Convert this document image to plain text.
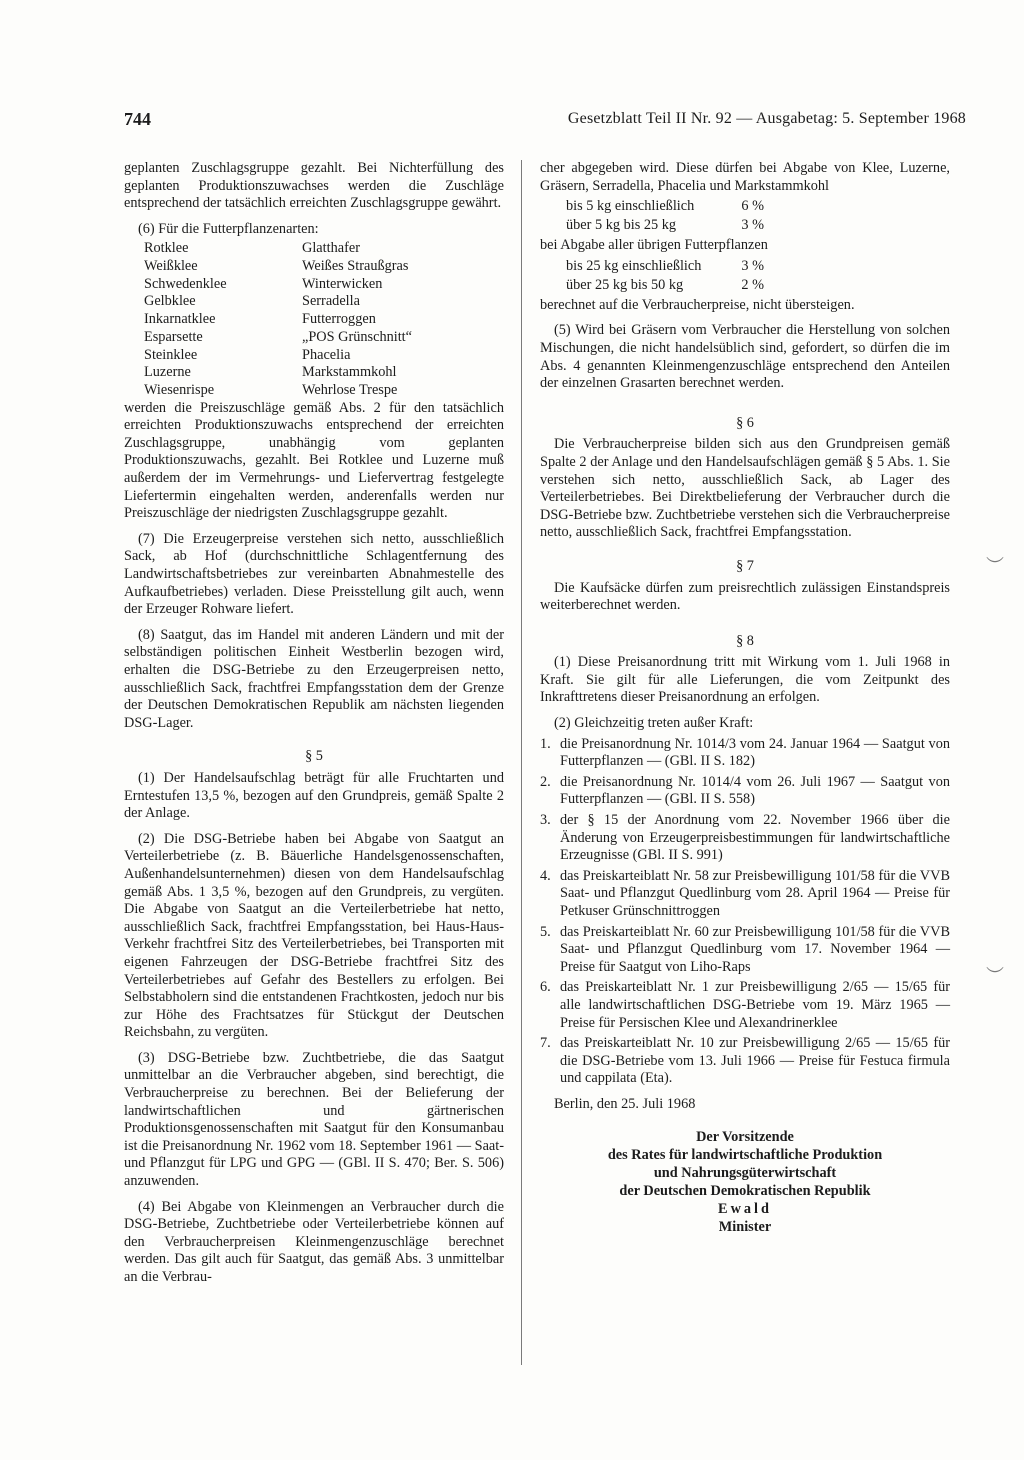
744	Gesetzblatt Teil II Nr. 92 — Ausgabetag: 5. September 1968

geplanten Zuschlagsgruppe gezahlt. Bei Nichterfüllung des geplanten Produktionszuwachses werden die Zuschläge entsprechend der tatsächlich erreichten Zuschlagsgruppe gewährt.

(6) Für die Futterpflanzenarten:

Rotklee	Glatthafer
Weißklee	Weißes Straußgras
Schwedenklee	Winterwicken
Gelbklee	Serradella
Inkarnatklee	Futterroggen
Esparsette	„POS Grünschnitt“
Steinklee	Phacelia
Luzerne	Markstammkohl
Wiesenrispe	Wehrlose Trespe

werden die Preiszuschläge gemäß Abs. 2 für den tatsächlich erreichten Produktionszuwachs entsprechend der erreichten Zuschlagsgruppe, unabhängig vom geplanten Produktionszuwachs, gezahlt. Bei Rotklee und Luzerne muß außerdem der im Vermehrungs- und Liefervertrag festgelegte Liefertermin eingehalten werden, anderenfalls werden nur Preiszuschläge der niedrigsten Zuschlagsgruppe gezahlt.

(7) Die Erzeugerpreise verstehen sich netto, ausschließlich Sack, ab Hof (durchschnittliche Schlagentfernung des Landwirtschaftsbetriebes zur vereinbarten Abnahmestelle des Aufkaufbetriebes) verladen. Diese Preisstellung gilt auch, wenn der Erzeuger Rohware liefert.

(8) Saatgut, das im Handel mit anderen Ländern und mit der selbständigen politischen Einheit Westberlin bezogen wird, erhalten die DSG-Betriebe zu den Erzeugerpreisen netto, ausschließlich Sack, frachtfrei Empfangsstation dem der Grenze der Deutschen Demokratischen Republik am nächsten liegenden DSG-Lager.

§ 5

(1) Der Handelsaufschlag beträgt für alle Fruchtarten und Erntestufen 13,5 %, bezogen auf den Grundpreis, gemäß Spalte 2 der Anlage.

(2) Die DSG-Betriebe haben bei Abgabe von Saatgut an Verteilerbetriebe (z. B. Bäuerliche Handelsgenossenschaften, Außenhandelsunternehmen) diesen von dem Handelsaufschlag gemäß Abs. 1 3,5 %, bezogen auf den Grundpreis, zu vergüten. Die Abgabe von Saatgut an die Verteilerbetriebe hat netto, ausschließlich Sack, frachtfrei Empfangsstation, bei Haus-Haus-Verkehr frachtfrei Sitz des Verteilerbetriebes, bei Transporten mit eigenen Fahrzeugen der DSG-Betriebe frachtfrei Sitz des Verteilerbetriebes auf Gefahr des Bestellers zu erfolgen. Bei Selbstabholern sind die entstandenen Frachtkosten, jedoch nur bis zur Höhe des Frachtsatzes für Stückgut der Deutschen Reichsbahn, zu vergüten.

(3) DSG-Betriebe bzw. Zuchtbetriebe, die das Saatgut unmittelbar an die Verbraucher abgeben, sind berechtigt, die Verbraucherpreise zu berechnen. Bei der Belieferung der landwirtschaftlichen und gärtnerischen Produktionsgenossenschaften mit Saatgut für den Konsumanbau ist die Preisanordnung Nr. 1962 vom 18. September 1961 — Saat- und Pflanzgut für LPG und GPG — (GBl. II S. 470; Ber. S. 506) anzuwenden.

(4) Bei Abgabe von Kleinmengen an Verbraucher durch die DSG-Betriebe, Zuchtbetriebe oder Verteilerbetriebe können auf den Verbraucherpreisen Kleinmengenzuschläge berechnet werden. Das gilt auch für Saatgut, das gemäß Abs. 3 unmittelbar an die Verbrau-

cher abgegeben wird. Diese dürfen bei Abgabe von Klee, Luzerne, Gräsern, Serradella, Phacelia und Markstammkohl

bis 5 kg einschließlich	6 %
über 5 kg bis 25 kg	3 %

bei Abgabe aller übrigen Futterpflanzen

bis 25 kg einschließlich	3 %
über 25 kg bis 50 kg	2 %

berechnet auf die Verbraucherpreise, nicht übersteigen.

(5) Wird bei Gräsern vom Verbraucher die Herstellung von solchen Mischungen, die nicht handelsüblich sind, gefordert, so dürfen die im Abs. 4 genannten Kleinmengenzuschläge entsprechend den Anteilen der einzelnen Grasarten berechnet werden.

§ 6

Die Verbraucherpreise bilden sich aus den Grundpreisen gemäß Spalte 2 der Anlage und den Handelsaufschlägen gemäß § 5 Abs. 1. Sie verstehen sich netto, ausschließlich Sack, ab Lager des Verteilerbetriebes. Bei Direktbelieferung der Verbraucher durch die DSG-Betriebe bzw. Zuchtbetriebe verstehen sich die Verbraucherpreise netto, ausschließlich Sack, frachtfrei Empfangsstation.

§ 7

Die Kaufsäcke dürfen zum preisrechtlich zulässigen Einstandspreis weiterberechnet werden.

§ 8

(1) Diese Preisanordnung tritt mit Wirkung vom 1. Juli 1968 in Kraft. Sie gilt für alle Lieferungen, die vom Zeitpunkt des Inkrafttretens dieser Preisanordnung an erfolgen.

(2) Gleichzeitig treten außer Kraft:

1. die Preisanordnung Nr. 1014/3 vom 24. Januar 1964 — Saatgut von Futterpflanzen — (GBl. II S. 182)
2. die Preisanordnung Nr. 1014/4 vom 26. Juli 1967 — Saatgut von Futterpflanzen — (GBl. II S. 558)
3. der § 15 der Anordnung vom 22. November 1966 über die Änderung von Erzeugerpreisbestimmungen für landwirtschaftliche Erzeugnisse (GBl. II S. 991)
4. das Preiskarteiblatt Nr. 58 zur Preisbewilligung 101/58 für die VVB Saat- und Pflanzgut Quedlinburg vom 28. April 1964 — Preise für Petkuser Grünschnittroggen
5. das Preiskarteiblatt Nr. 60 zur Preisbewilligung 101/58 für die VVB Saat- und Pflanzgut Quedlinburg vom 17. November 1964 — Preise für Saatgut von Liho-Raps
6. das Preiskarteiblatt Nr. 1 zur Preisbewilligung 2/65 — 15/65 für alle landwirtschaftlichen DSG-Betriebe vom 19. März 1965 — Preise für Persischen Klee und Alexandrinerklee
7. das Preiskarteiblatt Nr. 10 zur Preisbewilligung 2/65 — 15/65 für die DSG-Betriebe vom 13. Juli 1966 — Preise für Festuca firmula und cappilata (Eta).

Berlin, den 25. Juli 1968

Der Vorsitzende
des Rates für landwirtschaftliche Produktion
und Nahrungsgüterwirtschaft
der Deutschen Demokratischen Republik
Ewald
Minister
︶
︶
